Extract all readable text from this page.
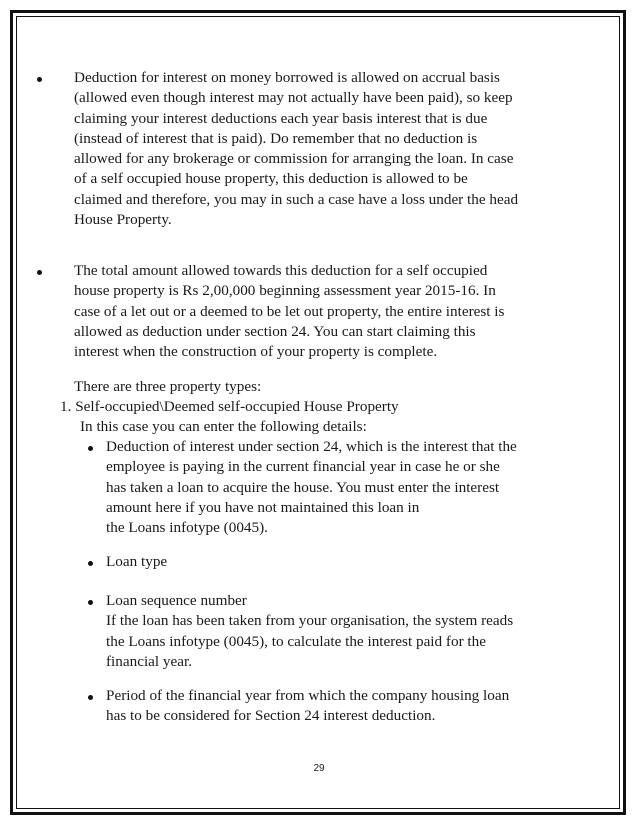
Deduction for interest on money borrowed is allowed on accrual basis
(allowed even though interest may not actually have been paid), so keep
claiming your interest deductions each year basis interest that is due
(instead of interest that is paid). Do remember that no deduction is
allowed for any brokerage or commission for arranging the loan. In case
of a self occupied house property, this deduction is allowed to be
claimed and therefore, you may in such a case have a loss under the head
House Property.
The total amount allowed towards this deduction for a self occupied
house property is Rs 2,00,000 beginning assessment year 2015-16. In
case of a let out or a deemed to be let out property, the entire interest is
allowed as deduction under section 24. You can start claiming this
interest when the construction of your property is complete.
There are three property types:
1. Self-occupied\Deemed self-occupied House Property
In this case you can enter the following details:
Deduction of interest under section 24, which is the interest that the
employee is paying in the current financial year in case he or she
has taken a loan to acquire the house. You must enter the interest
amount here if you have not maintained this loan in
the Loans infotype (0045).
Loan type
Loan sequence number
If the loan has been taken from your organisation, the system reads
the Loans infotype (0045), to calculate the interest paid for the
financial year.
Period of the financial year from which the company housing loan
has to be considered for Section 24 interest deduction.
29
